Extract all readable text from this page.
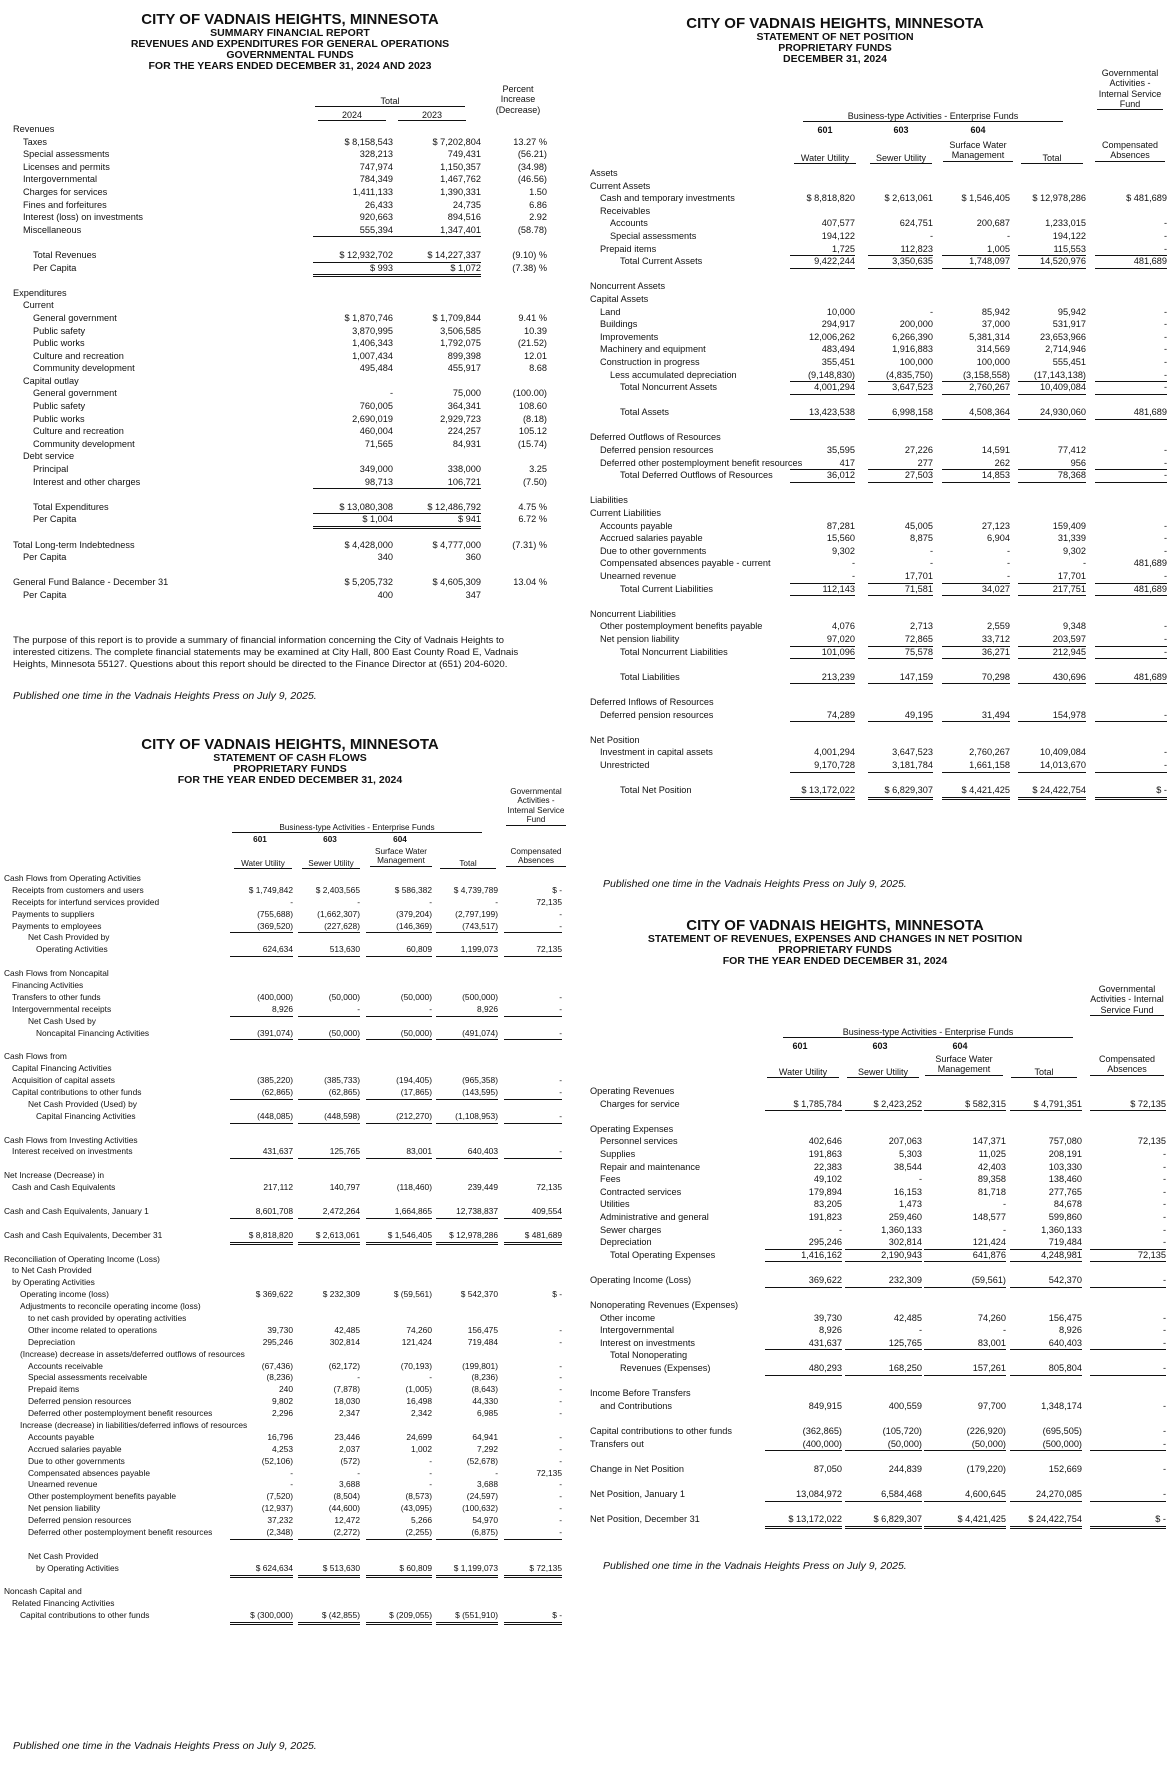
CITY OF VADNAIS HEIGHTS, MINNESOTA
SUMMARY FINANCIAL REPORT
REVENUES AND EXPENDITURES FOR GENERAL OPERATIONS
GOVERNMENTAL FUNDS
FOR THE YEARS ENDED DECEMBER 31, 2024 AND 2023
Total
Percent Increase (Decrease)
2024	2023
Revenues
Taxes	$ 8,158,543	$ 7,202,804	13.27 %
Special assessments	328,213	749,431	(56.21)
Licenses and permits	747,974	1,150,357	(34.98)
Intergovernmental	784,349	1,467,762	(46.56)
Charges for services	1,411,133	1,390,331	1.50
Fines and forfeitures	26,433	24,735	6.86
Interest (loss) on investments	920,663	894,516	2.92
Miscellaneous	555,394	1,347,401	(58.78)
Total Revenues	$ 12,932,702	$ 14,227,337	(9.10) %
Per Capita	$ 993	$ 1,072	(7.38) %
Expenditures
Current
General government	$ 1,870,746	$ 1,709,844	9.41 %
Public safety	3,870,995	3,506,585	10.39
Public works	1,406,343	1,792,075	(21.52)
Culture and recreation	1,007,434	899,398	12.01
Community development	495,484	455,917	8.68
Capital outlay
General government	-	75,000	(100.00)
Public safety	760,005	364,341	108.60
Public works	2,690,019	2,929,723	(8.18)
Culture and recreation	460,004	224,257	105.12
Community development	71,565	84,931	(15.74)
Debt service
Principal	349,000	338,000	3.25
Interest and other charges	98,713	106,721	(7.50)
Total Expenditures	$ 13,080,308	$ 12,486,792	4.75 %
Per Capita	$ 1,004	$ 941	6.72 %
Total Long-term Indebtedness	$ 4,428,000	$ 4,777,000	(7.31) %
Per Capita	340	360
General Fund Balance - December 31	$ 5,205,732	$ 4,605,309	13.04 %
Per Capita	400	347
The purpose of this report is to provide a summary of financial information concerning the City of Vadnais Heights to interested citizens. The complete financial statements may be examined at City Hall, 800 East County Road E, Vadnais Heights, Minnesota 55127. Questions about this report should be directed to the Finance Director at (651) 204-6020.
Published one time in the Vadnais Heights Press on July 9, 2025.
CITY OF VADNAIS HEIGHTS, MINNESOTA
STATEMENT OF NET POSITION
PROPRIETARY FUNDS
DECEMBER 31, 2024
Governmental Activities - Internal Service Fund
Business-type Activities - Enterprise Funds
601	603	604
Water Utility	Sewer Utility
Surface Water Management	Total
Compensated Absences
Assets
Current Assets
Cash and temporary investments	$ 8,818,820	$ 2,613,061	$ 1,546,405	$ 12,978,286	$ 481,689
Receivables
Accounts	407,577	624,751	200,687	1,233,015	-
Special assessments	194,122	-	-	194,122	-
Prepaid items	1,725	112,823	1,005	115,553	-
Total Current Assets	9,422,244	3,350,635	1,748,097	14,520,976	481,689
Noncurrent Assets
Capital Assets
Land	10,000	-	85,942	95,942	-
Buildings	294,917	200,000	37,000	531,917	-
Improvements	12,006,262	6,266,390	5,381,314	23,653,966	-
Machinery and equipment	483,494	1,916,883	314,569	2,714,946	-
Construction in progress	355,451	100,000	100,000	555,451	-
Less accumulated depreciation	(9,148,830)	(4,835,750)	(3,158,558)	(17,143,138)	-
Total Noncurrent Assets	4,001,294	3,647,523	2,760,267	10,409,084	-
Total Assets	13,423,538	6,998,158	4,508,364	24,930,060	481,689
Deferred Outflows of Resources
Deferred pension resources	35,595	27,226	14,591	77,412	-
Deferred other postemployment benefit resources	417	277	262	956	-
Total Deferred Outflows of Resources	36,012	27,503	14,853	78,368	-
Liabilities
Current Liabilities
Accounts payable	87,281	45,005	27,123	159,409	-
Accrued salaries payable	15,560	8,875	6,904	31,339	-
Due to other governments	9,302	-	-	9,302	-
Compensated absences payable - current	-	-	-	-	481,689
Unearned revenue	-	17,701	-	17,701	-
Total Current Liabilities	112,143	71,581	34,027	217,751	481,689
Noncurrent Liabilities
Other postemployment benefits payable	4,076	2,713	2,559	9,348	-
Net pension liability	97,020	72,865	33,712	203,597	-
Total Noncurrent Liabilities	101,096	75,578	36,271	212,945	-
Total Liabilities	213,239	147,159	70,298	430,696	481,689
Deferred Inflows of Resources
Deferred pension resources	74,289	49,195	31,494	154,978	-
Net Position
Investment in capital assets	4,001,294	3,647,523	2,760,267	10,409,084	-
Unrestricted	9,170,728	3,181,784	1,661,158	14,013,670	-
Total Net Position	$ 13,172,022	$ 6,829,307	$ 4,421,425	$ 24,422,754	$ -
Published one time in the Vadnais Heights Press on July 9, 2025.
CITY OF VADNAIS HEIGHTS, MINNESOTA
STATEMENT OF CASH FLOWS
PROPRIETARY FUNDS
FOR THE YEAR ENDED DECEMBER 31, 2024
Governmental Activities - Internal Service Fund
Business-type Activities - Enterprise Funds
601	603	604
Water Utility	Sewer Utility
Surface Water Management	Total
Compensated Absences
Cash Flows from Operating Activities
Receipts from customers and users	$ 1,749,842	$ 2,403,565	$ 586,382	$ 4,739,789	$ -
Receipts for interfund services provided	-	-	-	-	72,135
Payments to suppliers	(755,688)	(1,662,307)	(379,204)	(2,797,199)	-
Payments to employees	(369,520)	(227,628)	(146,369)	(743,517)	-
Net Cash Provided by
Operating Activities	624,634	513,630	60,809	1,199,073	72,135
Cash Flows from Noncapital
Financing Activities
Transfers to other funds	(400,000)	(50,000)	(50,000)	(500,000)	-
Intergovernmental receipts	8,926	-	-	8,926	-
Net Cash Used by
Noncapital Financing Activities	(391,074)	(50,000)	(50,000)	(491,074)	-
Cash Flows from
Capital Financing Activities
Acquisition of capital assets	(385,220)	(385,733)	(194,405)	(965,358)	-
Capital contributions to other funds	(62,865)	(62,865)	(17,865)	(143,595)	-
Net Cash Provided (Used) by
Capital Financing Activities	(448,085)	(448,598)	(212,270)	(1,108,953)	-
Cash Flows from Investing Activities
Interest received on investments	431,637	125,765	83,001	640,403	-
Net Increase (Decrease) in
Cash and Cash Equivalents	217,112	140,797	(118,460)	239,449	72,135
Cash and Cash Equivalents, January 1	8,601,708	2,472,264	1,664,865	12,738,837	409,554
Cash and Cash Equivalents, December 31	$ 8,818,820	$ 2,613,061	$ 1,546,405	$ 12,978,286	$ 481,689
Reconciliation of Operating Income (Loss)
to Net Cash Provided
by Operating Activities
Operating income (loss)	$ 369,622	$ 232,309	$ (59,561)	$ 542,370	$ -
Adjustments to reconcile operating income (loss)
to net cash provided by operating activities
Other income related to operations	39,730	42,485	74,260	156,475	-
Depreciation	295,246	302,814	121,424	719,484	-
(Increase) decrease in assets/deferred outflows of resources
Accounts receivable	(67,436)	(62,172)	(70,193)	(199,801)	-
Special assessments receivable	(8,236)	-	-	(8,236)	-
Prepaid items	240	(7,878)	(1,005)	(8,643)	-
Deferred pension resources	9,802	18,030	16,498	44,330	-
Deferred other postemployment benefit resources	2,296	2,347	2,342	6,985	-
Increase (decrease) in liabilities/deferred inflows of resources
Accounts payable	16,796	23,446	24,699	64,941	-
Accrued salaries payable	4,253	2,037	1,002	7,292	-
Due to other governments	(52,106)	(572)	-	(52,678)	-
Compensated absences payable	-	-	-	-	72,135
Unearned revenue	-	3,688	-	3,688	-
Other postemployment benefits payable	(7,520)	(8,504)	(8,573)	(24,597)	-
Net pension liability	(12,937)	(44,600)	(43,095)	(100,632)	-
Deferred pension resources	37,232	12,472	5,266	54,970	-
Deferred other postemployment benefit resources	(2,348)	(2,272)	(2,255)	(6,875)	-
Net Cash Provided
by Operating Activities	$ 624,634	$ 513,630	$ 60,809	$ 1,199,073	$ 72,135
Noncash Capital and
Related Financing Activities
Capital contributions to other funds	$ (300,000)	$ (42,855)	$ (209,055)	$ (551,910)	$ -
Published one time in the Vadnais Heights Press on July 9, 2025.
CITY OF VADNAIS HEIGHTS, MINNESOTA
STATEMENT OF REVENUES, EXPENSES AND CHANGES IN NET POSITION
PROPRIETARY FUNDS
FOR THE YEAR ENDED DECEMBER 31, 2024
Governmental Activities - Internal Service Fund
Business-type Activities - Enterprise Funds
601	603	604
Water Utility	Sewer Utility
Surface Water Management	Total
Compensated Absences
Operating Revenues
Charges for service	$ 1,785,784	$ 2,423,252	$ 582,315	$ 4,791,351	$ 72,135
Operating Expenses
Personnel services	402,646	207,063	147,371	757,080	72,135
Supplies	191,863	5,303	11,025	208,191	-
Repair and maintenance	22,383	38,544	42,403	103,330	-
Fees	49,102	-	89,358	138,460	-
Contracted services	179,894	16,153	81,718	277,765	-
Utilities	83,205	1,473	-	84,678	-
Administrative and general	191,823	259,460	148,577	599,860	-
Sewer charges	-	1,360,133	-	1,360,133	-
Depreciation	295,246	302,814	121,424	719,484	-
Total Operating Expenses	1,416,162	2,190,943	641,876	4,248,981	72,135
Operating Income (Loss)	369,622	232,309	(59,561)	542,370	-
Nonoperating Revenues (Expenses)
Other income	39,730	42,485	74,260	156,475	-
Intergovernmental	8,926	-	-	8,926	-
Interest on investments	431,637	125,765	83,001	640,403	-
Total Nonoperating
Revenues (Expenses)	480,293	168,250	157,261	805,804	-
Income Before Transfers
and Contributions	849,915	400,559	97,700	1,348,174	-
Capital contributions to other funds	(362,865)	(105,720)	(226,920)	(695,505)	-
Transfers out	(400,000)	(50,000)	(50,000)	(500,000)	-
Change in Net Position	87,050	244,839	(179,220)	152,669	-
Net Position, January 1	13,084,972	6,584,468	4,600,645	24,270,085	-
Net Position, December 31	$ 13,172,022	$ 6,829,307	$ 4,421,425	$ 24,422,754	$ -
Published one time in the Vadnais Heights Press on July 9, 2025.
